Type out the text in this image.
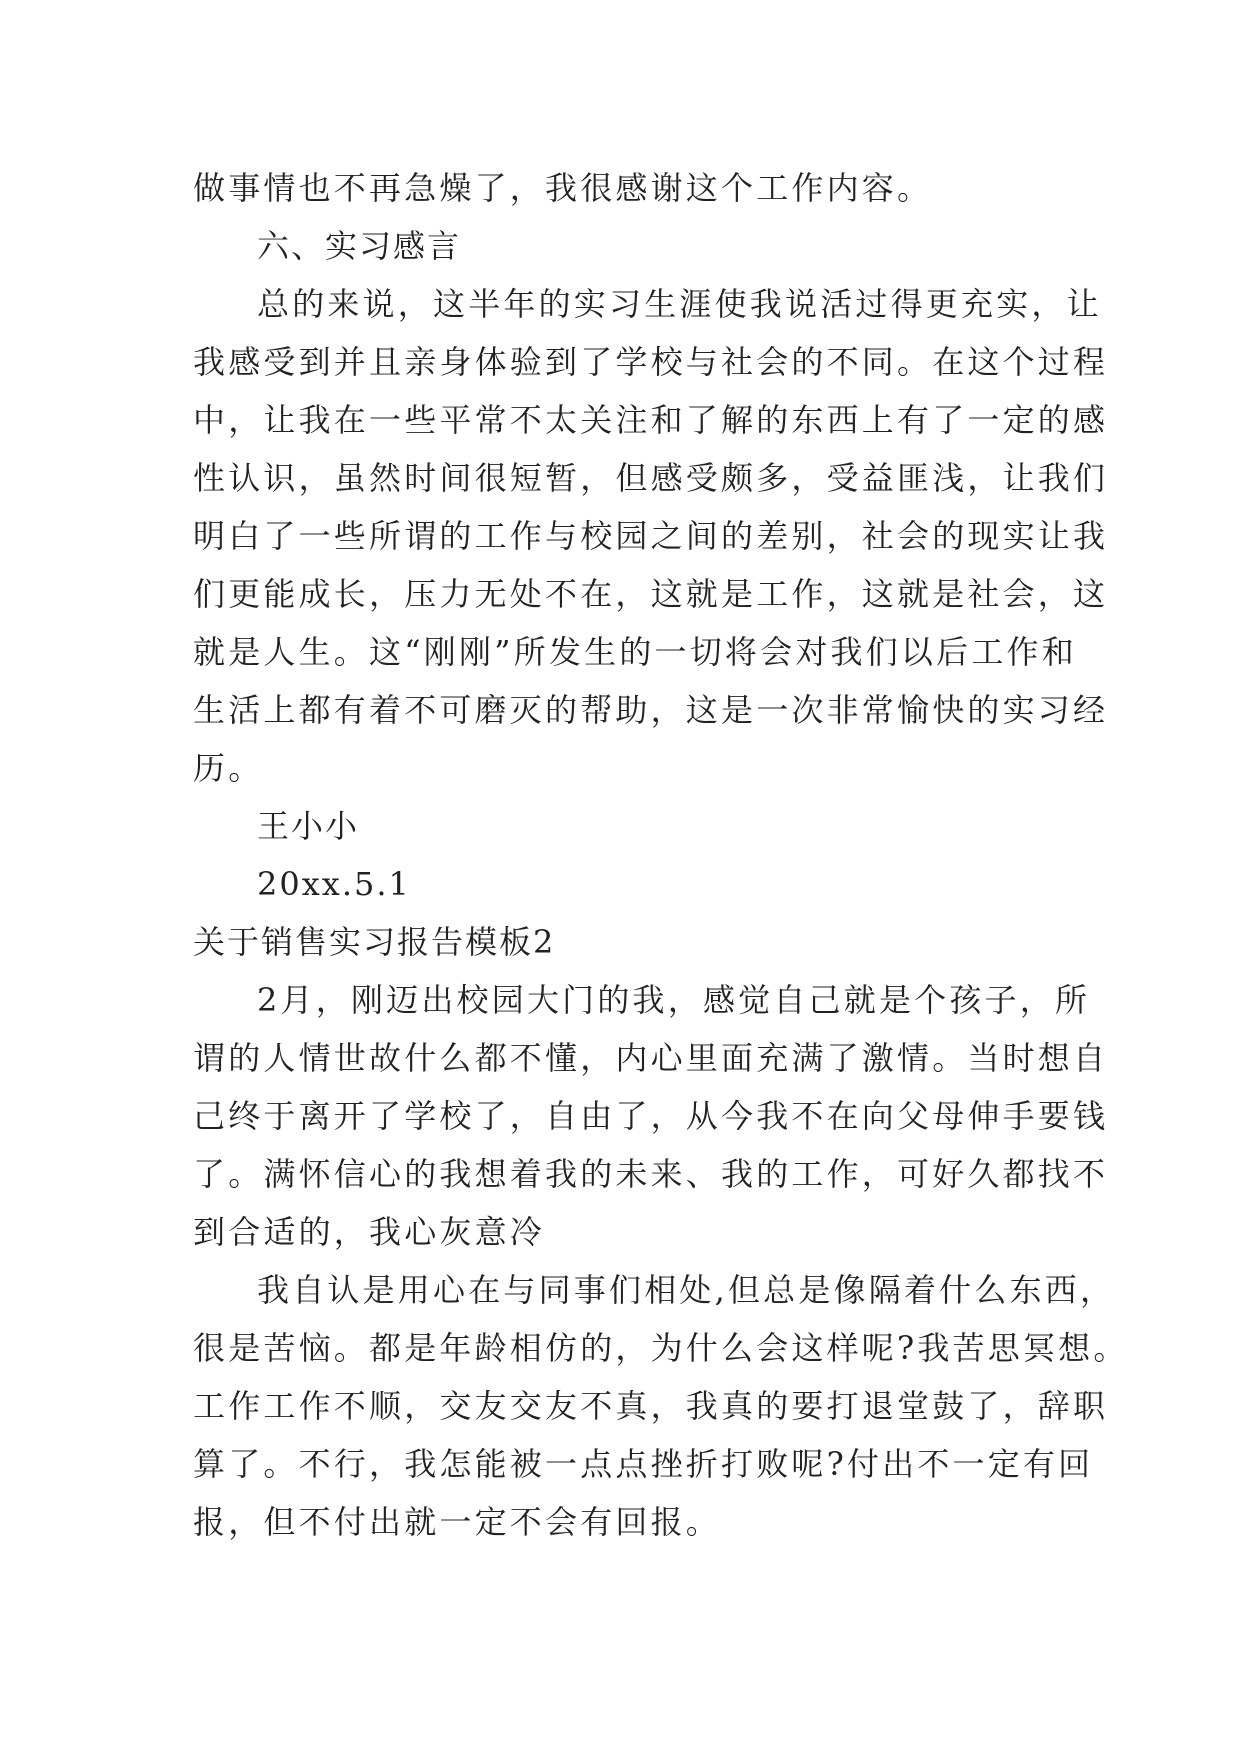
做事情也不再急燥了，我很感谢这个工作内容。
六、实习感言
总的来说，这半年的实习生涯使我说活过得更充实，让
我感受到并且亲身体验到了学校与社会的不同。在这个过程
中，让我在一些平常不太关注和了解的东西上有了一定的感
性认识，虽然时间很短暂，但感受颇多，受益匪浅，让我们
明白了一些所谓的工作与校园之间的差别，社会的现实让我
们更能成长，压力无处不在，这就是工作，这就是社会，这
就是人生。这“刚刚”所发生的一切将会对我们以后工作和
生活上都有着不可磨灭的帮助，这是一次非常愉快的实习经
历。
王小小
20xx.5.1
关于销售实习报告模板2
2月，刚迈出校园大门的我，感觉自己就是个孩子，所
谓的人情世故什么都不懂，内心里面充满了激情。当时想自
己终于离开了学校了，自由了，从今我不在向父母伸手要钱
了。满怀信心的我想着我的未来、我的工作，可好久都找不
到合适的，我心灰意冷
我自认是用心在与同事们相处,但总是像隔着什么东西，
很是苦恼。都是年龄相仿的，为什么会这样呢?我苦思冥想。
工作工作不顺，交友交友不真，我真的要打退堂鼓了，辞职
算了。不行，我怎能被一点点挫折打败呢?付出不一定有回
报，但不付出就一定不会有回报。
